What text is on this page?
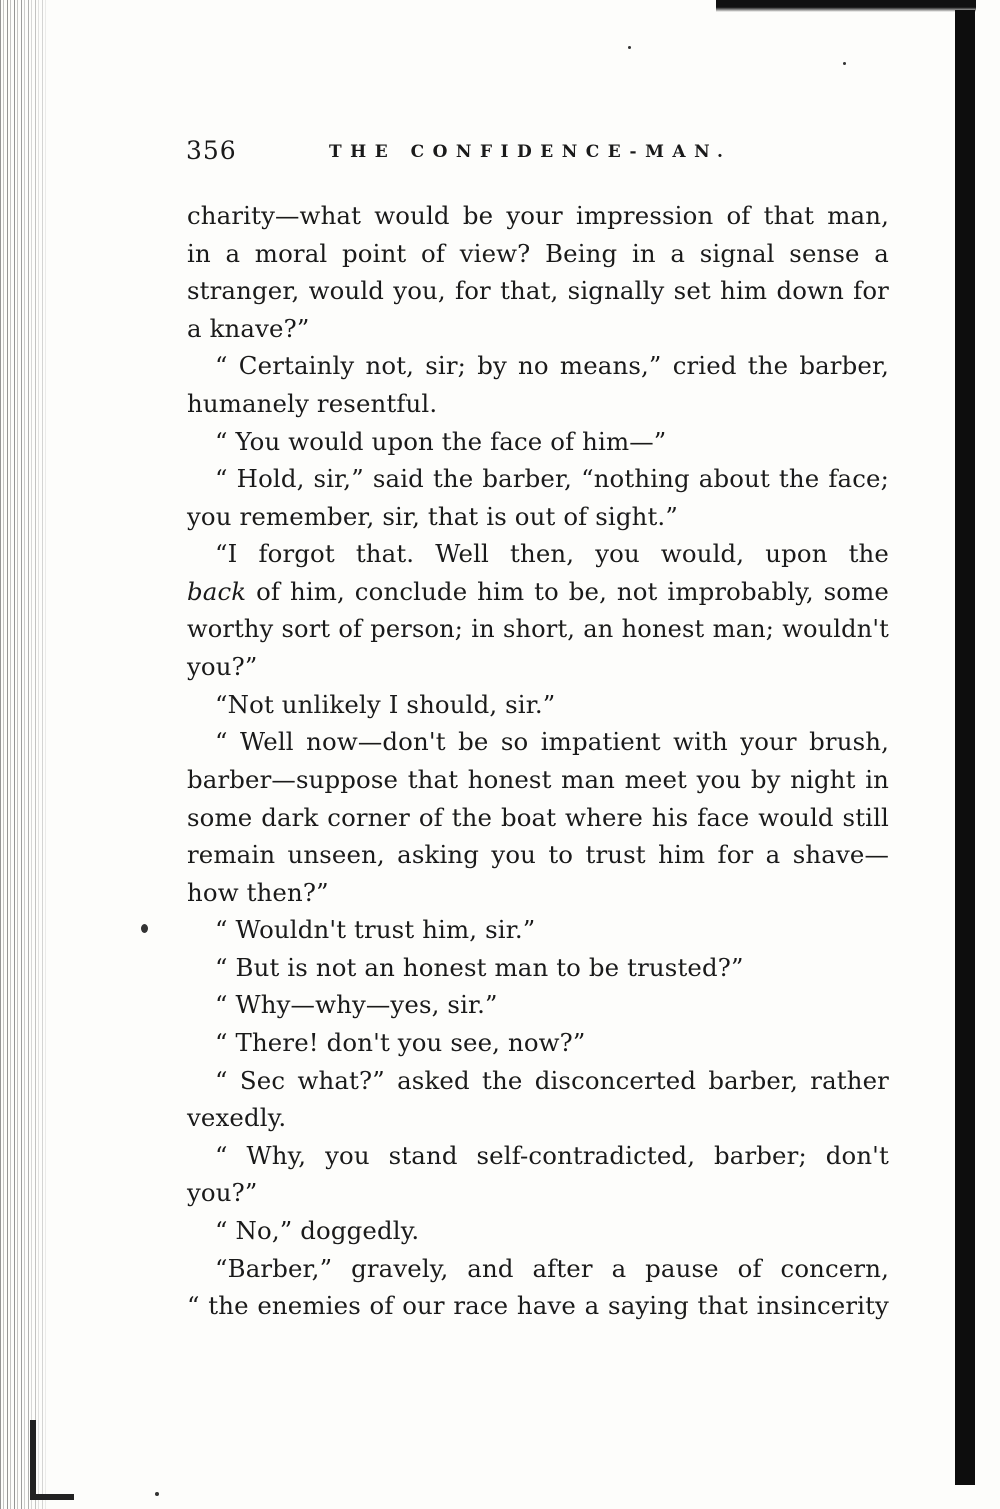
356	THE CONFIDENCE-MAN.
charity—what would be your impression of that man,
in a moral point of view? Being in a signal sense a
stranger, would you, for that, signally set him down for
a knave?”
“ Certainly not, sir; by no means,” cried the barber,
humanely resentful.
“ You would upon the face of him—”
“ Hold, sir,” said the barber, “nothing about the face;
you remember, sir, that is out of sight.”
“I forgot that. Well then, you would, upon the
back of him, conclude him to be, not improbably, some
worthy sort of person; in short, an honest man; wouldn't
you?”
“Not unlikely I should, sir.”
“ Well now—don't be so impatient with your brush,
barber—suppose that honest man meet you by night in
some dark corner of the boat where his face would still
remain unseen, asking you to trust him for a shave—
how then?”
“ Wouldn't trust him, sir.”
“ But is not an honest man to be trusted?”
“ Why—why—yes, sir.”
“ There! don't you see, now?”
“ Sec what?” asked the disconcerted barber, rather
vexedly.
“ Why, you stand self-contradicted, barber; don't
you?”
“ No,” doggedly.
“Barber,” gravely, and after a pause of concern,
“ the enemies of our race have a saying that insincerity
